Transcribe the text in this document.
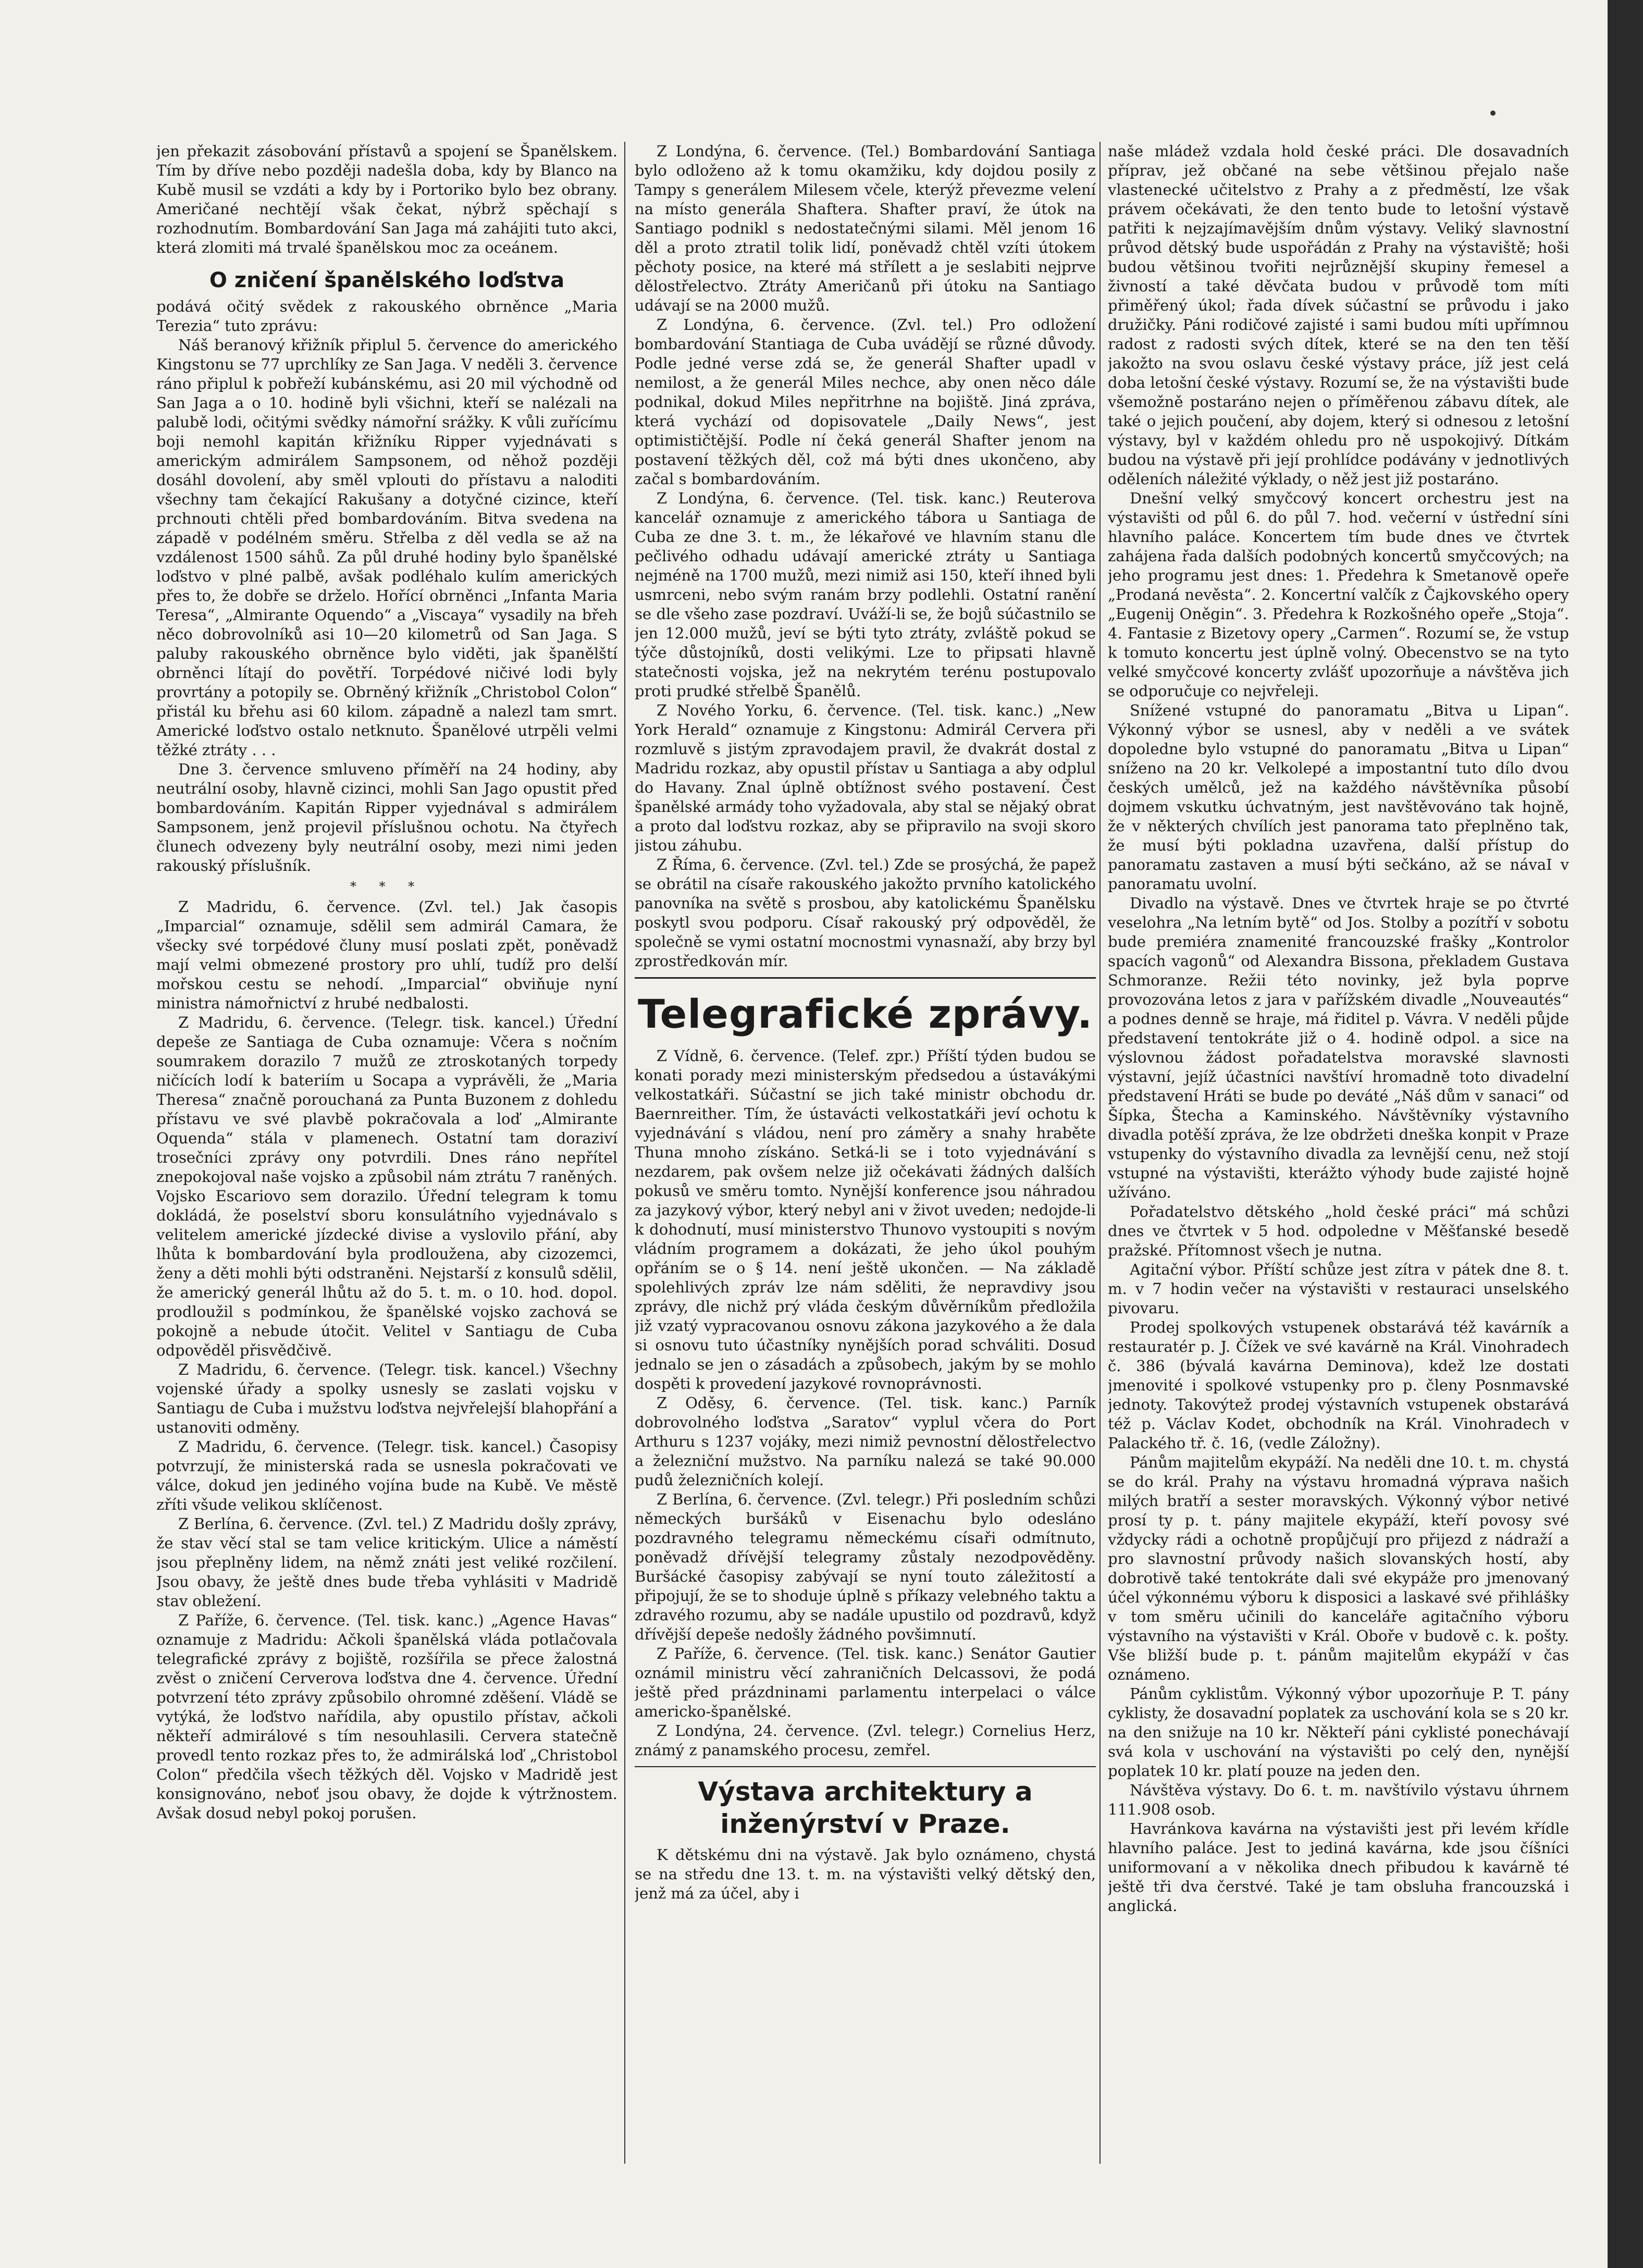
jen překazit zásobování přístavů a spojení se Španělskem. Tím by dříve nebo později nadešla doba, kdy by Blanco na Kubě musil se vzdáti a kdy by i Portoriko bylo bez obrany. Američané nechtějí však čekat, nýbrž spěchají s rozhodnutím. Bombardování San Jaga má zahájiti tuto akci, která zlomiti má trvalé španělskou moc za oceánem.

O zničení španělského loďstva

podává očitý svědek z rakouského obrněnce „Maria Terezia“ tuto zprávu:

Náš beranový křižník připlul 5. července do amerického Kingstonu se 77 uprchlíky ze San Jaga. V neděli 3. července ráno připlul k pobřeží kubánskému, asi 20 mil východně od San Jaga a o 10. hodině byli všichni, kteří se nalézali na palubě lodi, očitými svědky námořní srážky. K vůli zuřícímu boji nemohl kapitán křižníku Ripper vyjednávati s americkým admirálem Sampsonem, od něhož později dosáhl dovolení, aby směl vplouti do přístavu a naloditi všechny tam čekající Rakušany a dotyčné cizince, kteří prchnouti chtěli před bombardováním. Bitva svedena na západě v podélném směru. Střelba z děl vedla se až na vzdálenost 1500 sáhů. Za půl druhé hodiny bylo španělské loďstvo v plné palbě, avšak podléhalo kulím amerických přes to, že dobře se drželo. Hořící obrněnci „Infanta Maria Teresa“, „Almirante Oquendo“ a „Viscaya“ vysadily na břeh něco dobrovolníků asi 10—20 kilometrů od San Jaga. S paluby rakouského obrněnce bylo viděti, jak španělští obrněnci lítají do povětří. Torpédové ničivé lodi byly provrtány a potopily se. Obrněný křižník „Christobol Colon“ přistál ku břehu asi 60 kilom. západně a nalezl tam smrt. Americké loďstvo ostalo netknuto. Španělové utrpěli velmi těžké ztráty . . .

Dne 3. července smluveno příměří na 24 hodiny, aby neutrální osoby, hlavně cizinci, mohli San Jago opustit před bombardováním. Kapitán Ripper vyjednával s admirálem Sampsonem, jenž projevil příslušnou ochotu. Na čtyřech člunech odvezeny byly neutrální osoby, mezi nimi jeden rakouský příslušník.

* * *

Z Madridu, 6. července. (Zvl. tel.) Jak časopis „Imparcial“ oznamuje, sdělil sem admirál Camara, že všecky své torpédové čluny musí poslati zpět, poněvadž mají velmi obmezené prostory pro uhlí, tudíž pro delší mořskou cestu se nehodí. „Imparcial“ obviňuje nyní ministra námořnictví z hrubé nedbalosti.

Z Madridu, 6. července. (Telegr. tisk. kancel.) Úřední depeše ze Santiaga de Cuba oznamuje: Včera s nočním soumrakem dorazilo 7 mužů ze ztroskotaných torpedy ničících lodí k bateriím u Socapa a vyprávěli, že „Maria Theresa“ značně porouchaná za Punta Buzonem z dohledu přístavu ve své plavbě pokračovala a loď „Almirante Oquenda“ stála v plamenech. Ostatní tam doraziví trosečníci zprávy ony potvrdili. Dnes ráno nepřítel znepokojoval naše vojsko a způsobil nám ztrátu 7 raněných. Vojsko Escariovo sem dorazilo. Úřední telegram k tomu dokládá, že poselství sboru konsulátního vyjednávalo s velitelem americké jízdecké divise a vyslovilo přání, aby lhůta k bombardování byla prodloužena, aby cizozemci, ženy a děti mohli býti odstraněni. Nejstarší z konsulů sdělil, že americký generál lhůtu až do 5. t. m. o 10. hod. dopol. prodloužil s podmínkou, že španělské vojsko zachová se pokojně a nebude útočit. Velitel v Santiagu de Cuba odpověděl přisvědčivě.

Z Madridu, 6. července. (Telegr. tisk. kancel.) Všechny vojenské úřady a spolky usnesly se zaslati vojsku v Santiagu de Cuba i mužstvu loďstva nejvřelejší blahopřání a ustanoviti odměny.

Z Madridu, 6. července. (Telegr. tisk. kancel.) Časopisy potvrzují, že ministerská rada se usnesla pokračovati ve válce, dokud jen jediného vojína bude na Kubě. Ve městě zříti všude velikou sklíčenost.

Z Berlína, 6. července. (Zvl. tel.) Z Madridu došly zprávy, že stav věcí stal se tam velice kritickým. Ulice a náměstí jsou přeplněny lidem, na němž znáti jest veliké rozčilení. Jsou obavy, že ještě dnes bude třeba vyhlásiti v Madridě stav obležení.

Z Paříže, 6. července. (Tel. tisk. kanc.) „Agence Havas“ oznamuje z Madridu: Ačkoli španělská vláda potlačovala telegrafické zprávy z bojiště, rozšířila se přece žalostná zvěst o zničení Cerverova loďstva dne 4. července. Úřední potvrzení této zprávy způsobilo ohromné zděšení. Vládě se vytýká, že loďstvo nařídila, aby opustilo přístav, ačkoli někteří admirálové s tím nesouhlasili. Cervera statečně provedl tento rozkaz přes to, že admirálská loď „Christobol Colon“ předčila všech těžkých děl. Vojsko v Madridě jest konsignováno, neboť jsou obavy, že dojde k výtržnostem. Avšak dosud nebyl pokoj porušen.

Z Londýna, 6. července. (Tel.) Bombardování Santiaga bylo odloženo až k tomu okamžiku, kdy dojdou posily z Tampy s generálem Milesem včele, kterýž převezme velení na místo generála Shaftera. Shafter praví, že útok na Santiago podnikl s nedostatečnými silami. Měl jenom 16 děl a proto ztratil tolik lidí, poněvadž chtěl vzíti útokem pěchoty posice, na které má střílett a je seslabiti nejprve dělostřelectvo. Ztráty Američanů při útoku na Santiago udávají se na 2000 mužů.

Z Londýna, 6. července. (Zvl. tel.) Pro odložení bombardování Stantiaga de Cuba uvádějí se různé důvody. Podle jedné verse zdá se, že generál Shafter upadl v nemilost, a že generál Miles nechce, aby onen něco dále podnikal, dokud Miles nepřitrhne na bojiště. Jiná zpráva, která vychází od dopisovatele „Daily News“, jest optimističtější. Podle ní čeká generál Shafter jenom na postavení těžkých děl, což má býti dnes ukončeno, aby začal s bombardováním.

Z Londýna, 6. července. (Tel. tisk. kanc.) Reuterova kancelář oznamuje z amerického tábora u Santiaga de Cuba ze dne 3. t. m., že lékařové ve hlavním stanu dle pečlivého odhadu udávají americké ztráty u Santiaga nejméně na 1700 mužů, mezi nimiž asi 150, kteří ihned byli usmrceni, nebo svým ranám brzy podlehli. Ostatní ranění se dle všeho zase pozdraví. Uváží-li se, že bojů súčastnilo se jen 12.000 mužů, jeví se býti tyto ztráty, zvláště pokud se týče důstojníků, dosti velikými. Lze to připsati hlavně statečnosti vojska, jež na nekrytém terénu postupovalo proti prudké střelbě Španělů.

Z Nového Yorku, 6. července. (Tel. tisk. kanc.) „New York Herald“ oznamuje z Kingstonu: Admirál Cervera při rozmluvě s jistým zpravodajem pravil, že dvakrát dostal z Madridu rozkaz, aby opustil přístav u Santiaga a aby odplul do Havany. Znal úplně obtížnost svého postavení. Čest španělské armády toho vyžadovala, aby stal se nějaký obrat a proto dal loďstvu rozkaz, aby se připravilo na svoji skoro jistou záhubu.

Z Říma, 6. července. (Zvl. tel.) Zde se prosýchá, že papež se obrátil na císaře rakouského jakožto prvního katolického panovníka na světě s prosbou, aby katolickému Španělsku poskytl svou podporu. Císař rakouský prý odpověděl, že společně se vymi ostatní mocnostmi vynasnaží, aby brzy byl zprostředkován mír.

Telegrafické zprávy.

Z Vídně, 6. července. (Telef. zpr.) Příští týden budou se konati porady mezi ministerským předsedou a ústavákými velkostatkáři. Súčastní se jich také ministr obchodu dr. Baernreither. Tím, že ústavácti velkostatkáři jeví ochotu k vyjednávání s vládou, není pro záměry a snahy hraběte Thuna mnoho získáno. Setká-li se i toto vyjednávání s nezdarem, pak ovšem nelze již očekávati žádných dalších pokusů ve směru tomto. Nynější konference jsou náhradou za jazykový výbor, který nebyl ani v život uveden; nedojde-li k dohodnutí, musí ministerstvo Thunovo vystoupiti s novým vládním programem a dokázati, že jeho úkol pouhým opřáním se o § 14. není ještě ukončen. — Na základě spolehlivých zpráv lze nám sděliti, že nepravdivy jsou zprávy, dle nichž prý vláda českým důvěrníkům předložila již vzatý vypracovanou osnovu zákona jazykového a že dala si osnovu tuto účastníky nynějších porad schváliti. Dosud jednalo se jen o zásadách a způsobech, jakým by se mohlo dospěti k provedení jazykové rovnoprávnosti.

Z Oděsy, 6. července. (Tel. tisk. kanc.) Parník dobrovolného loďstva „Saratov“ vyplul včera do Port Arthuru s 1237 vojáky, mezi nimiž pevnostní dělostřelectvo a železniční mužstvo. Na parníku nalezá se také 90.000 pudů železničních kolejí.

Z Berlína, 6. července. (Zvl. telegr.) Při posledním schůzi německých buršáků v Eisenachu bylo odesláno pozdravného telegramu německému císaři odmítnuto, poněvadž dřívější telegramy zůstaly nezodpověděny. Buršácké časopisy zabývají se nyní touto záležitostí a připojují, že se to shoduje úplně s příkazy velebného taktu a zdravého rozumu, aby se nadále upustilo od pozdravů, když dřívější depeše nedošly žádného povšimnutí.

Z Paříže, 6. července. (Tel. tisk. kanc.) Senátor Gautier oznámil ministru věcí zahraničních Delcassovi, že podá ještě před prázdninami parlamentu interpelaci o válce americko-španělské.

Z Londýna, 24. července. (Zvl. telegr.) Cornelius Herz, známý z panamského procesu, zemřel.

Výstava architektury a inženýrství v Praze.

K dětskému dni na výstavě. Jak bylo oznámeno, chystá se na středu dne 13. t. m. na výstavišti velký dětský den, jenž má za účel, aby i

naše mládež vzdala hold české práci. Dle dosavadních příprav, jež občané na sebe většinou přejalo naše vlastenecké učitelstvo z Prahy a z předměstí, lze však právem očekávati, že den tento bude to letošní výstavě patřiti k nejzajímavějším dnům výstavy. Veliký slavnostní průvod dětský bude uspořádán z Prahy na výstaviště; hoši budou většinou tvořiti nejrůznější skupiny řemesel a živností a také děvčata budou v průvodě tom míti přiměřený úkol; řada dívek súčastní se průvodu i jako družičky. Páni rodičové zajisté i sami budou míti upřímnou radost z radosti svých dítek, které se na den ten těší jakožto na svou oslavu české výstavy práce, jíž jest celá doba letošní české výstavy. Rozumí se, že na výstavišti bude všemožně postaráno nejen o příměřenou zábavu dítek, ale také o jejich poučení, aby dojem, který si odnesou z letošní výstavy, byl v každém ohledu pro ně uspokojivý. Dítkám budou na výstavě při její prohlídce podávány v jednotlivých oděleních náležité výklady, o něž jest již postaráno.

Dnešní velký smyčcový koncert orchestru jest na výstavišti od půl 6. do půl 7. hod. večerní v ústřední síni hlavního paláce. Koncertem tím bude dnes ve čtvrtek zahájena řada dalších podobných koncertů smyčcových; na jeho programu jest dnes: 1. Předehra k Smetanově opeře „Prodaná nevěsta“. 2. Koncertní valčík z Čajkovského opery „Eugenij Oněgin“. 3. Předehra k Rozkošného opeře „Stoja“. 4. Fantasie z Bizetovy opery „Carmen“. Rozumí se, že vstup k tomuto koncertu jest úplně volný. Obecenstvo se na tyto velké smyčcové koncerty zvlášť upozorňuje a návštěva jich se odporučuje co nejvřeleji.

Snížené vstupné do panoramatu „Bitva u Lipan“. Výkonný výbor se usnesl, aby v neděli a ve svátek dopoledne bylo vstupné do panoramatu „Bitva u Lipan“ sníženo na 20 kr. Velkolepé a impostantní tuto dílo dvou českých umělců, jež na každého návštěvníka působí dojmem vskutku úchvatným, jest navštěvováno tak hojně, že v některých chvílích jest panorama tato přeplněno tak, že musí býti pokladna uzavřena, další přístup do panoramatu zastaven a musí býti sečkáno, až se návaI v panoramatu uvolní.

Divadlo na výstavě. Dnes ve čtvrtek hraje se po čtvrté veselohra „Na letním bytě“ od Jos. Stolby a pozítří v sobotu bude premiéra znamenité francouzské frašky „Kontrolor spacích vagonů“ od Alexandra Bissona, překladem Gustava Schmoranze. Režii této novinky, jež byla poprve provozována letos z jara v pařížském divadle „Nouveautés“ a podnes denně se hraje, má řiditel p. Vávra. V neděli půjde představení tentokráte již o 4. hodině odpol. a sice na výslovnou žádost pořadatelstva moravské slavnosti výstavní, jejíž účastníci navštíví hromadně toto divadelní představení Hráti se bude po deváté „Náš dům v sanaci“ od Šípka, Štecha a Kaminského. Návštěvníky výstavního divadla potěší zpráva, že lze obdržeti dneška konpit v Praze vstupenky do výstavního divadla za levnější cenu, než stojí vstupné na výstavišti, kterážto výhody bude zajisté hojně užíváno.

Pořadatelstvo dětského „hold české práci“ má schůzi dnes ve čtvrtek v 5 hod. odpoledne v Měšťanské besedě pražské. Přítomnost všech je nutna.

Agitační výbor. Příští schůze jest zítra v pátek dne 8. t. m. v 7 hodin večer na výstavišti v restauraci unselského pivovaru.

Prodej spolkových vstupenek obstarává též kavárník a restauratér p. J. Čížek ve své kavárně na Král. Vinohradech č. 386 (bývalá kavárna Deminova), kdež lze dostati jmenovité i spolkové vstupenky pro p. členy Posnmavské jednoty. Takovýtež prodej výstavních vstupenek obstarává též p. Václav Kodet, obchodník na Král. Vinohradech v Palackého tř. č. 16, (vedle Záložny).

Pánům majitelům ekypáží. Na neděli dne 10. t. m. chystá se do král. Prahy na výstavu hromadná výprava našich milých bratří a sester moravských. Výkonný výbor netivé prosí ty p. t. pány majitele ekypáží, kteří povosy své vždycky rádi a ochotně propůjčují pro přijezd z nádraží a pro slavnostní průvody našich slovanských hostí, aby dobrotivě také tentokráte dali své ekypáže pro jmenovaný účel výkonnému výboru k disposici a laskavé své přihlášky v tom směru učinili do kanceláře agitačního výboru výstavního na výstavišti v Král. Oboře v budově c. k. pošty. Vše bližší bude p. t. pánům majitelům ekypáží v čas oznámeno.

Pánům cyklistům. Výkonný výbor upozorňuje P. T. pány cyklisty, že dosavadní poplatek za uschování kola se s 20 kr. na den snižuje na 10 kr. Někteří páni cyklisté ponechávají svá kola v uschování na výstavišti po celý den, nynější poplatek 10 kr. platí pouze na jeden den.

Návštěva výstavy. Do 6. t. m. navštívilo výstavu úhrnem 111.908 osob.

Havránkova kavárna na výstavišti jest při levém křídle hlavního paláce. Jest to jediná kavárna, kde jsou číšníci uniformovaní a v několika dnech přibudou k kavárně té ještě tři dva čerstvé. Také je tam obsluha francouzská i anglická.
